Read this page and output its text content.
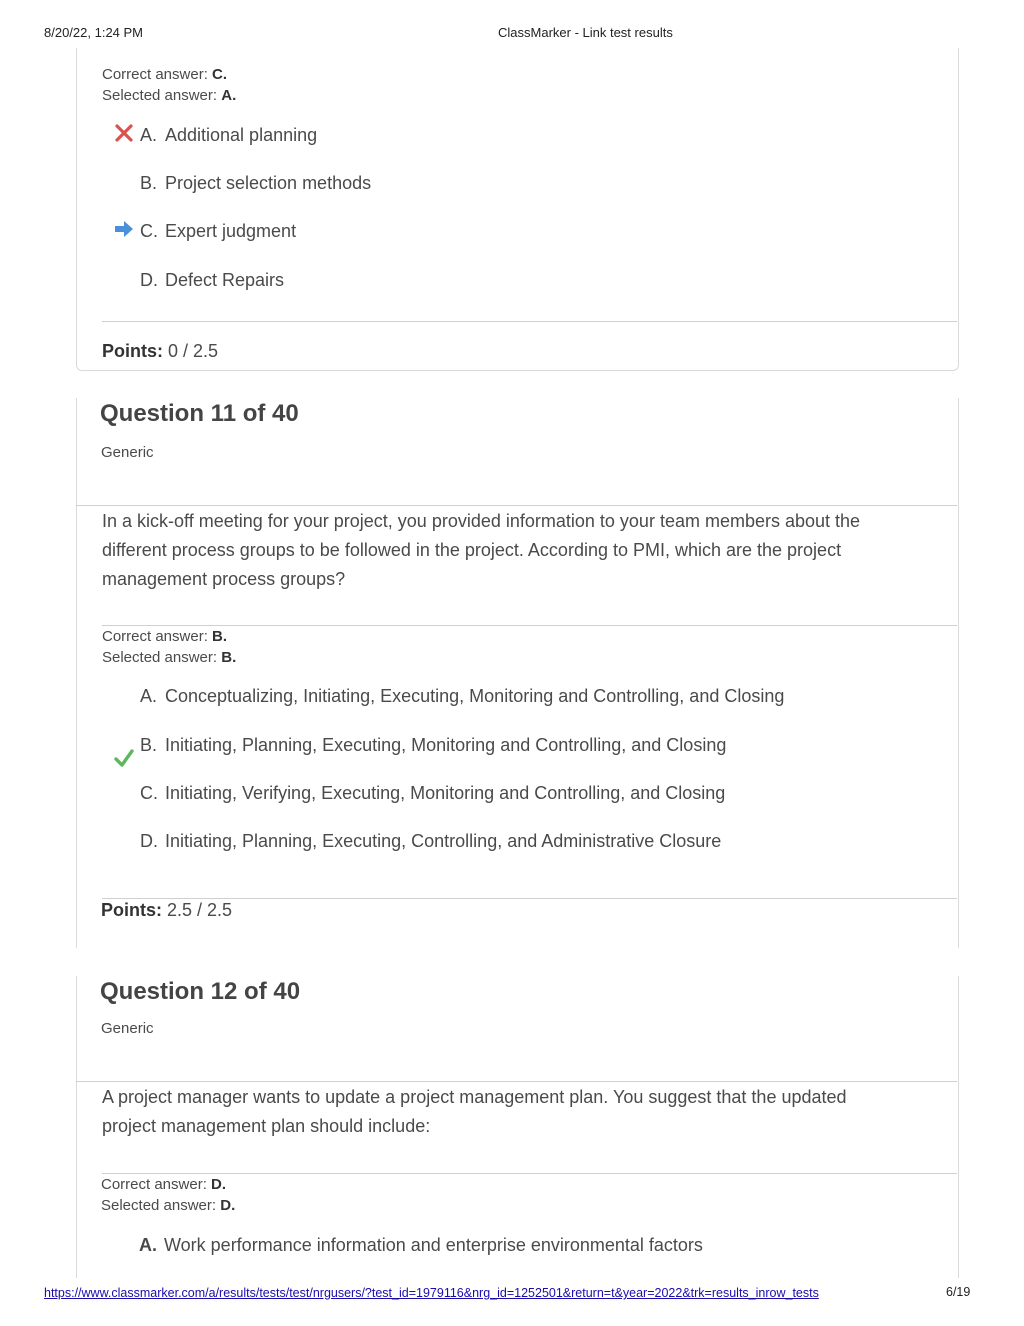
8/20/22, 1:24 PM	ClassMarker - Link test results
Correct answer: C.
Selected answer: A.
A. Additional planning
B. Project selection methods
C. Expert judgment
D. Defect Repairs
Points: 0 / 2.5
Question 11 of 40
Generic
In a kick-off meeting for your project, you provided information to your team members about the different process groups to be followed in the project. According to PMI, which are the project management process groups?
Correct answer: B.
Selected answer: B.
A. Conceptualizing, Initiating, Executing, Monitoring and Controlling, and Closing
B. Initiating, Planning, Executing, Monitoring and Controlling, and Closing
C. Initiating, Verifying, Executing, Monitoring and Controlling, and Closing
D. Initiating, Planning, Executing, Controlling, and Administrative Closure
Points: 2.5 / 2.5
Question 12 of 40
Generic
A project manager wants to update a project management plan. You suggest that the updated project management plan should include:
Correct answer: D.
Selected answer: D.
A. Work performance information and enterprise environmental factors
https://www.classmarker.com/a/results/tests/test/nrgusers/?test_id=1979116&nrg_id=1252501&return=t&year=2022&trk=results_inrow_tests	6/19
